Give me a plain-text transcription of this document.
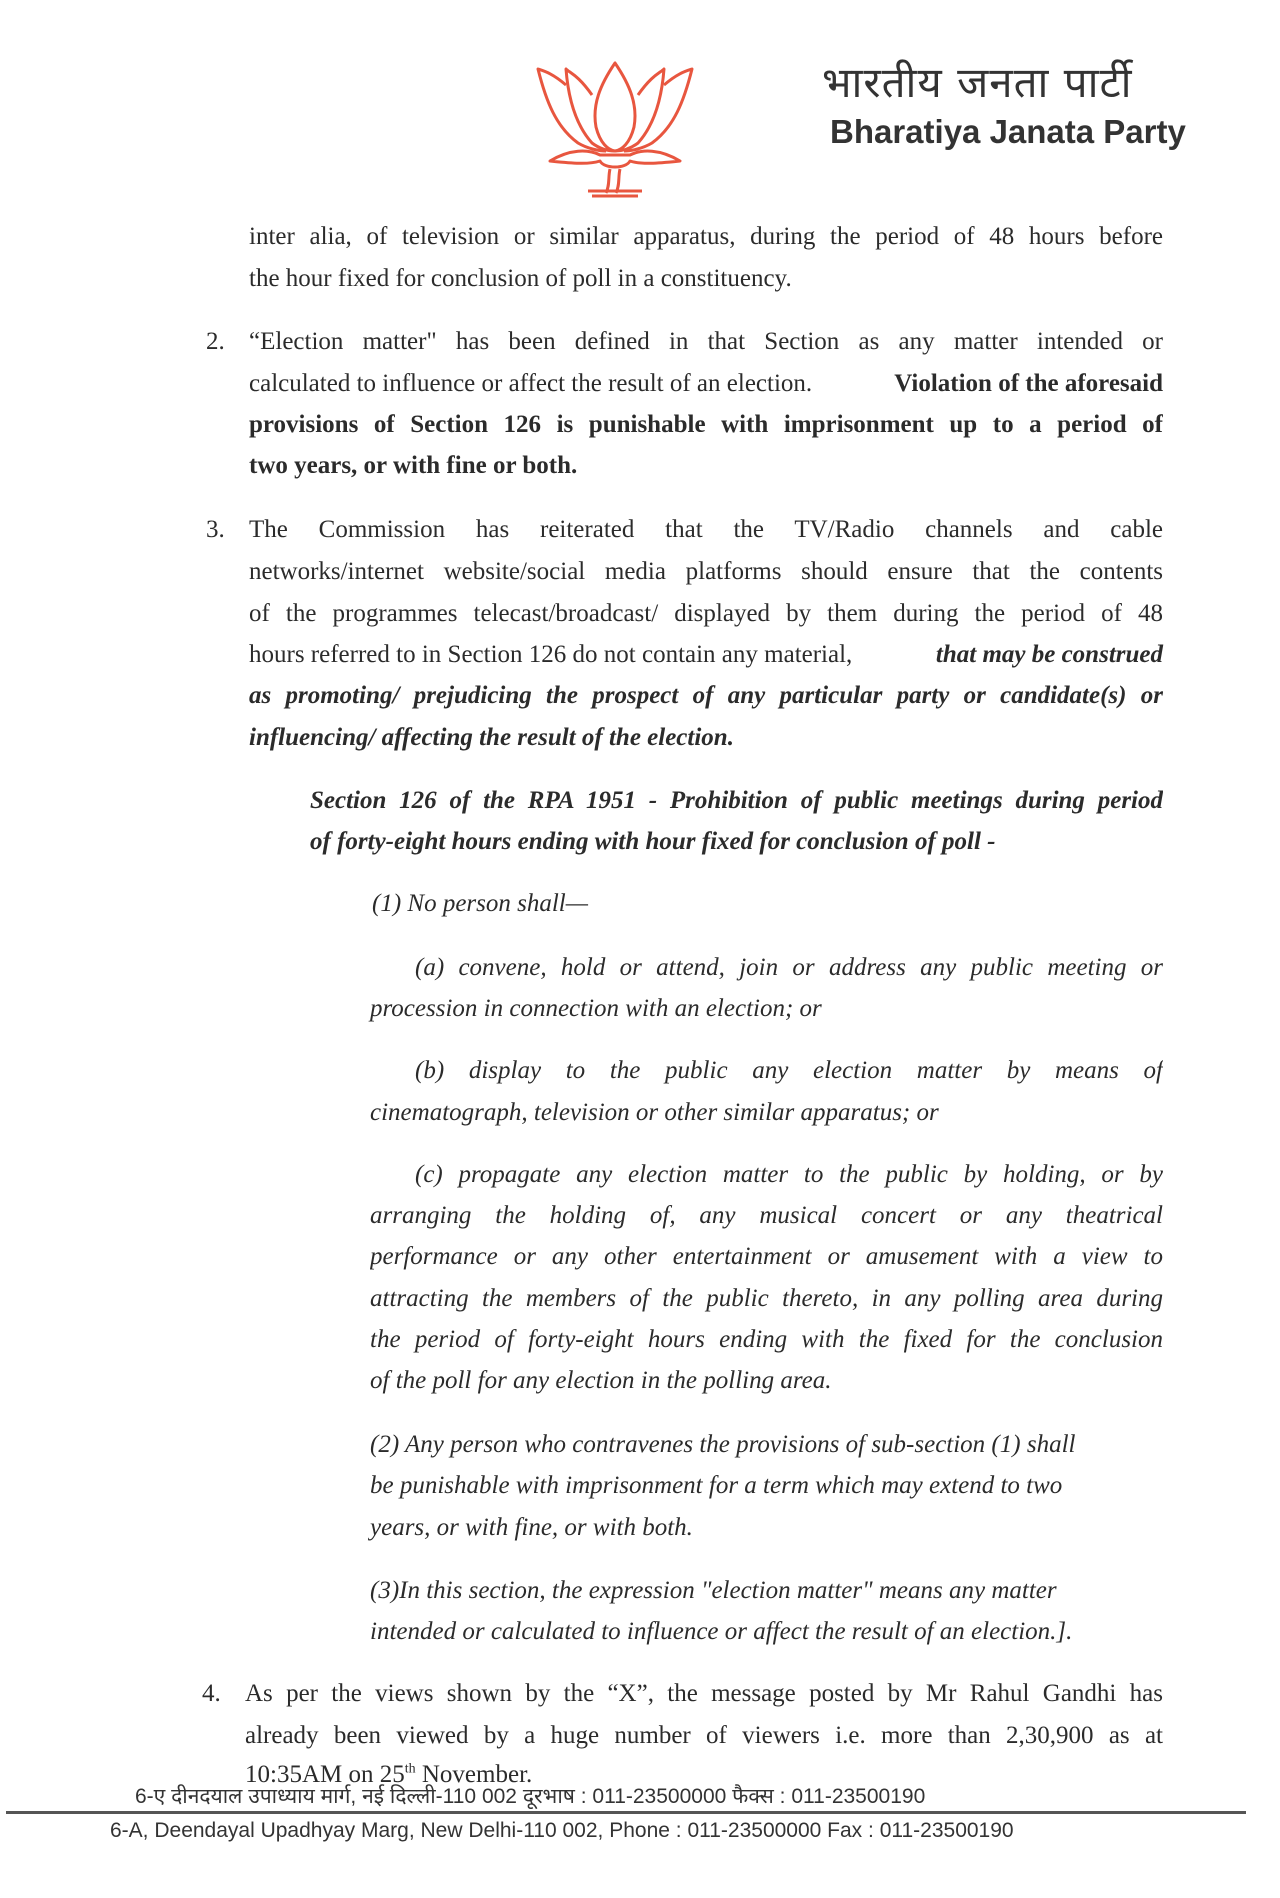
भारतीय जनता पार्टी
Bharatiya Janata Party
inter alia, of television or similar apparatus, during the period of 48 hours before
the hour fixed for conclusion of poll in a constituency.
2. “Election matter" has been defined in that Section as any matter intended or
calculated to influence or affect the result of an election.	Violation of the aforesaid
provisions of Section 126 is punishable with imprisonment up to a period of
two years, or with fine or both.
3. The Commission has reiterated that the TV/Radio channels and cable
networks/internet website/social media platforms should ensure that the contents
of the programmes telecast/broadcast/ displayed by them during the period of 48
hours referred to in Section 126 do not contain any material,	that may be construed
as promoting/ prejudicing the prospect of any particular party or candidate(s) or
influencing/ affecting the result of the election.
Section 126 of the RPA 1951 - Prohibition of public meetings during period
of forty-eight hours ending with hour fixed for conclusion of poll -
(1) No person shall—
(a) convene, hold or attend, join or address any public meeting or
procession in connection with an election; or
(b) display to the public any election matter by means of
cinematograph, television or other similar apparatus; or
(c) propagate any election matter to the public by holding, or by
arranging the holding of, any musical concert or any theatrical
performance or any other entertainment or amusement with a view to
attracting the members of the public thereto, in any polling area during
the period of forty-eight hours ending with the fixed for the conclusion
of the poll for any election in the polling area.
(2) Any person who contravenes the provisions of sub-section (1) shall
be punishable with imprisonment for a term which may extend to two
years, or with fine, or with both.
(3)In this section, the expression "election matter" means any matter
intended or calculated to influence or affect the result of an election.].
4. As per the views shown by the “X”, the message posted by Mr Rahul Gandhi has
already been viewed by a huge number of viewers i.e. more than 2,30,900 as at
10:35AM on 25th November.
6-ए दीनदयाल उपाध्याय मार्ग, नई दिल्ली-110 002 दूरभाष : 011-23500000 फैक्स : 011-23500190
6-A, Deendayal Upadhyay Marg, New Delhi-110 002, Phone : 011-23500000 Fax : 011-23500190
